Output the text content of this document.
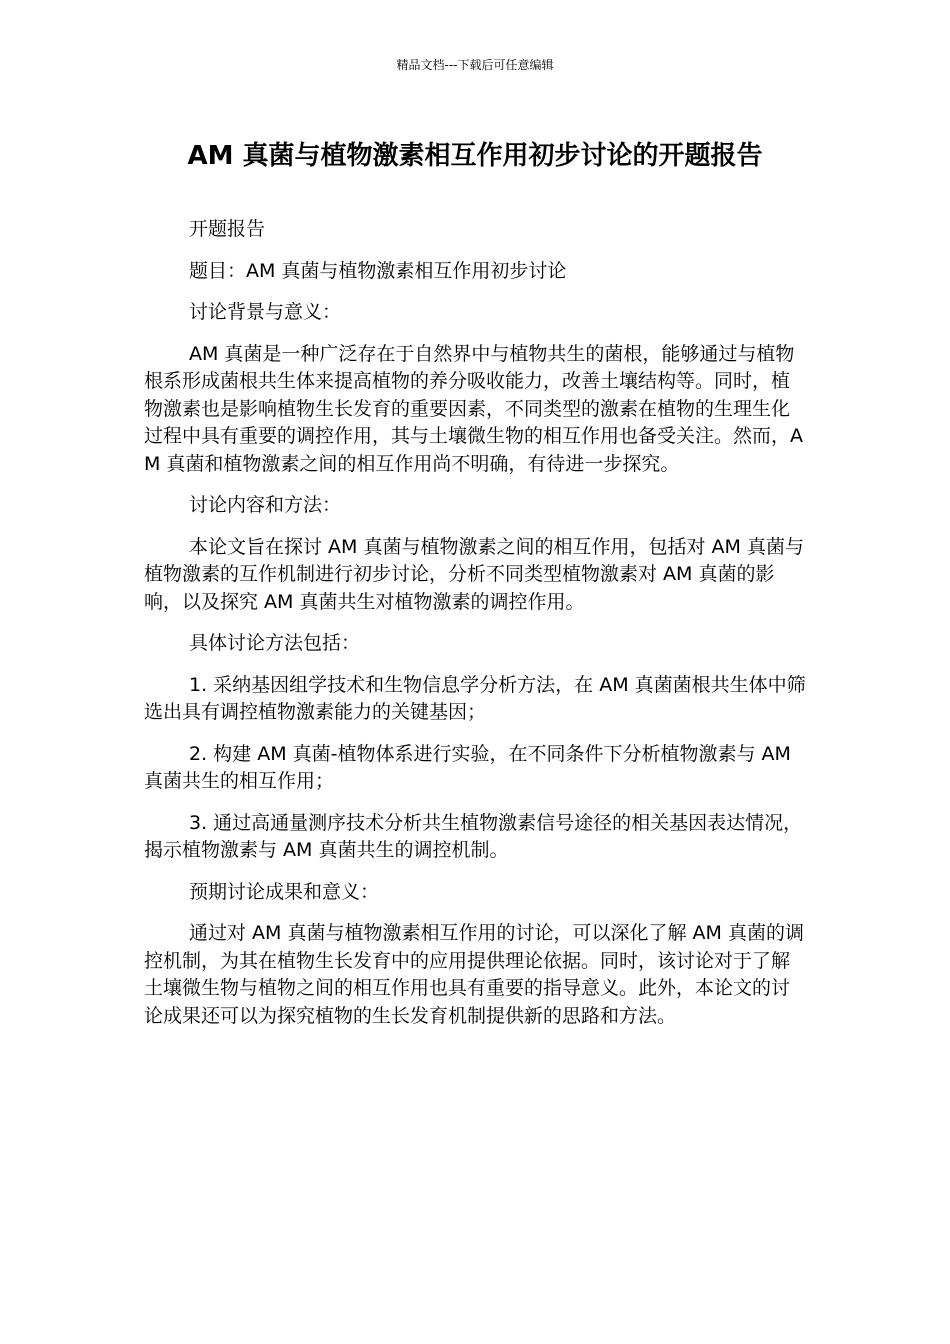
精品文档---下载后可任意编辑
AM 真菌与植物激素相互作用初步讨论的开题报告

开题报告

题目：AM 真菌与植物激素相互作用初步讨论

讨论背景与意义：

AM 真菌是一种广泛存在于自然界中与植物共生的菌根，能够通过与植物根系形成菌根共生体来提高植物的养分吸收能力，改善土壤结构等。同时，植物激素也是影响植物生长发育的重要因素，不同类型的激素在植物的生理生化过程中具有重要的调控作用，其与土壤微生物的相互作用也备受关注。然而，AM 真菌和植物激素之间的相互作用尚不明确，有待进一步探究。

讨论内容和方法：

本论文旨在探讨 AM 真菌与植物激素之间的相互作用，包括对 AM 真菌与植物激素的互作机制进行初步讨论，分析不同类型植物激素对 AM 真菌的影响，以及探究 AM 真菌共生对植物激素的调控作用。

具体讨论方法包括：

1. 采纳基因组学技术和生物信息学分析方法，在 AM 真菌菌根共生体中筛选出具有调控植物激素能力的关键基因；

2. 构建 AM 真菌-植物体系进行实验，在不同条件下分析植物激素与 AM 真菌共生的相互作用；

3. 通过高通量测序技术分析共生植物激素信号途径的相关基因表达情况，揭示植物激素与 AM 真菌共生的调控机制。

预期讨论成果和意义：

通过对 AM 真菌与植物激素相互作用的讨论，可以深化了解 AM 真菌的调控机制，为其在植物生长发育中的应用提供理论依据。同时，该讨论对于了解土壤微生物与植物之间的相互作用也具有重要的指导意义。此外，本论文的讨论成果还可以为探究植物的生长发育机制提供新的思路和方法。
